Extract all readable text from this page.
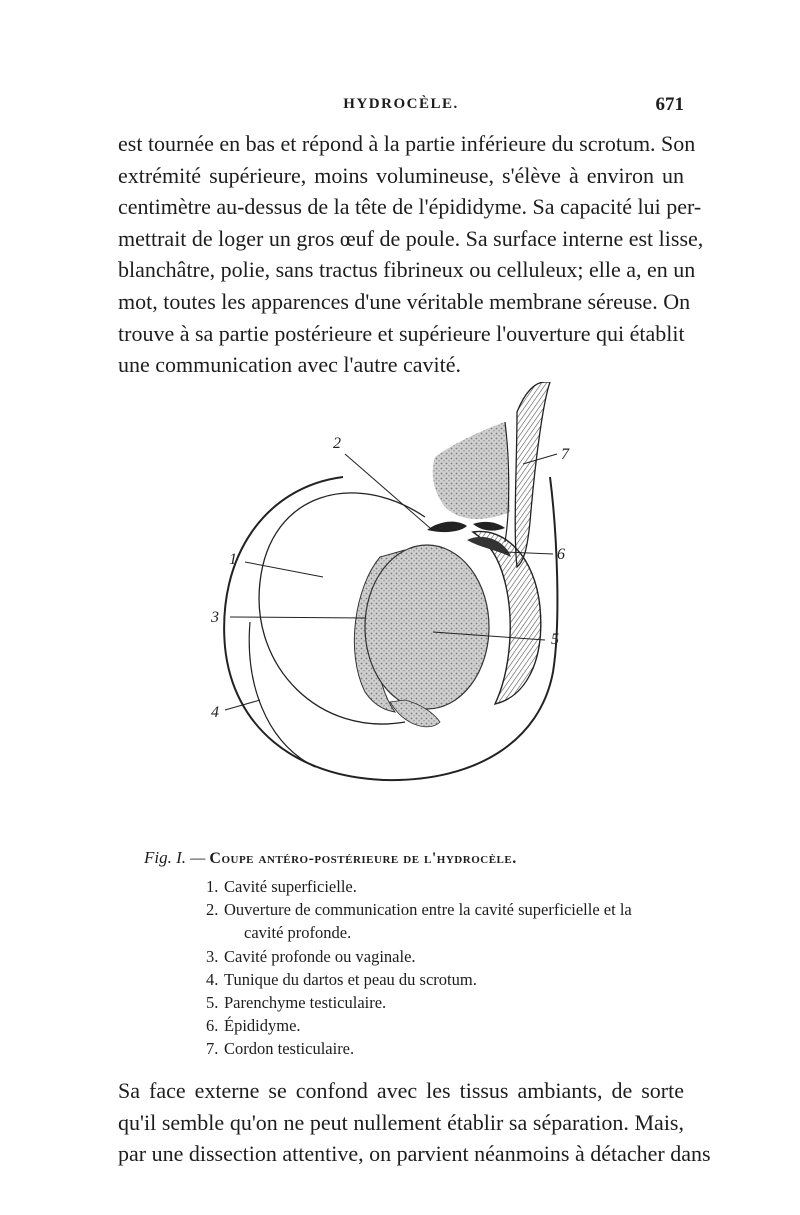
HYDROCÈLE.	671
est tournée en bas et répond à la partie inférieure du scrotum. Son
extrémité supérieure, moins volumineuse, s'élève à environ un
centimètre au-dessus de la tête de l'épididyme. Sa capacité lui per-
mettrait de loger un gros œuf de poule. Sa surface interne est lisse,
blanchâtre, polie, sans tractus fibrineux ou celluleux; elle a, en un
mot, toutes les apparences d'une véritable membrane séreuse. On
trouve à sa partie postérieure et supérieure l'ouverture qui établit
une communication avec l'autre cavité.
1
2
3
4
5
6
7
Fig. I. — Coupe antéro-postérieure de l'hydrocèle.
1. Cavité superficielle.
2. Ouverture de communication entre la cavité superficielle et la
cavité profonde.
3. Cavité profonde ou vaginale.
4. Tunique du dartos et peau du scrotum.
5. Parenchyme testiculaire.
6. Épididyme.
7. Cordon testiculaire.
Sa face externe se confond avec les tissus ambiants, de sorte
qu'il semble qu'on ne peut nullement établir sa séparation. Mais,
par une dissection attentive, on parvient néanmoins à détacher dans
